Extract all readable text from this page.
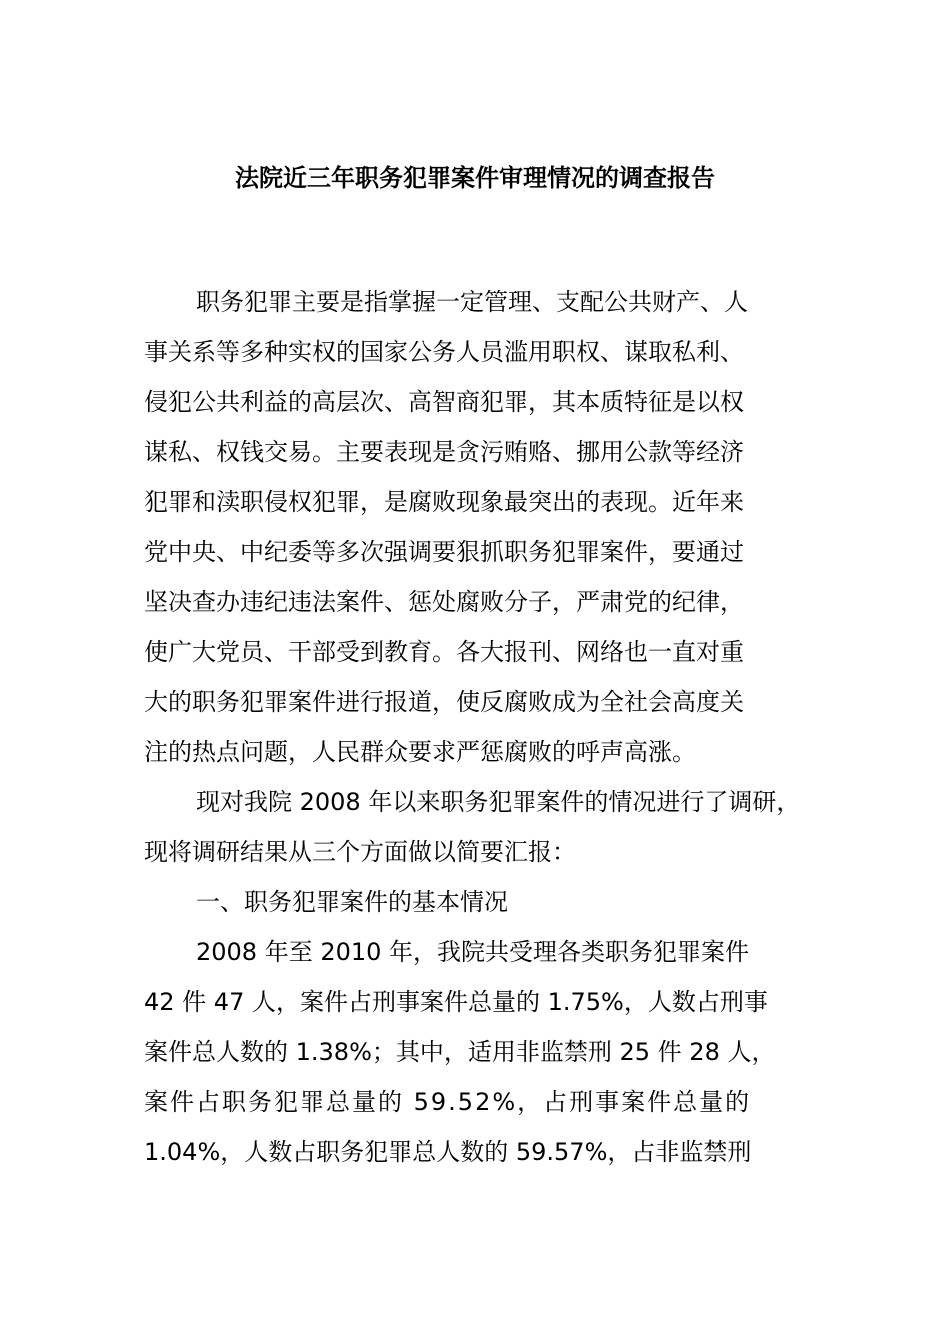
法院近三年职务犯罪案件审理情况的调查报告
职务犯罪主要是指掌握一定管理、支配公共财产、人
事关系等多种实权的国家公务人员滥用职权、谋取私利、
侵犯公共利益的高层次、高智商犯罪，其本质特征是以权
谋私、权钱交易。主要表现是贪污贿赂、挪用公款等经济
犯罪和渎职侵权犯罪，是腐败现象最突出的表现。近年来
党中央、中纪委等多次强调要狠抓职务犯罪案件，要通过
坚决查办违纪违法案件、惩处腐败分子，严肃党的纪律，
使广大党员、干部受到教育。各大报刊、网络也一直对重
大的职务犯罪案件进行报道，使反腐败成为全社会高度关
注的热点问题，人民群众要求严惩腐败的呼声高涨。
现对我院 2008 年以来职务犯罪案件的情况进行了调研，
现将调研结果从三个方面做以简要汇报：
一、职务犯罪案件的基本情况
2008 年至 2010 年，我院共受理各类职务犯罪案件
42 件 47 人，案件占刑事案件总量的 1.75%，人数占刑事
案件总人数的 1.38%；其中，适用非监禁刑 25 件 28 人，
案件占职务犯罪总量的 59.52%，占刑事案件总量的
1.04%，人数占职务犯罪总人数的 59.57%，占非监禁刑
